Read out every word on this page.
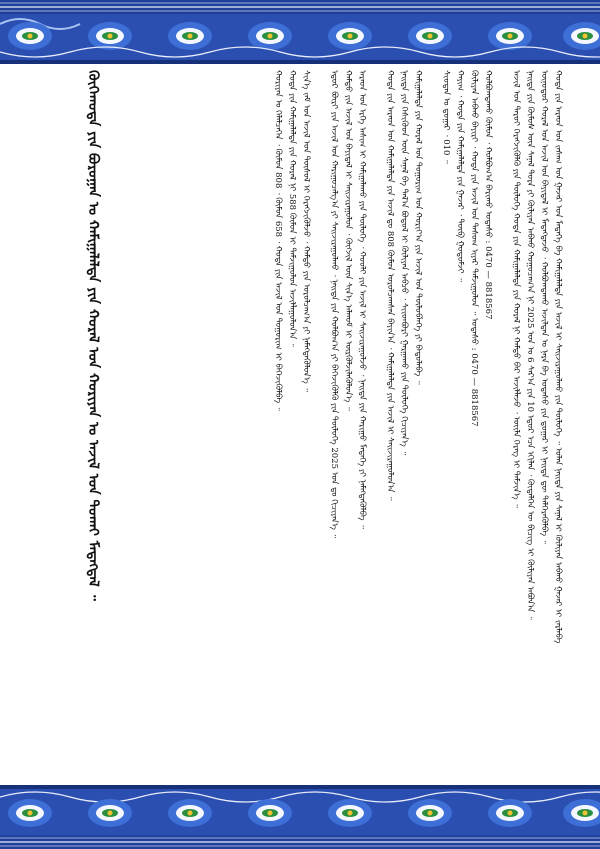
ᠬᠣᠲᠠ ᠶᠢᠨ ᠠᠷᠠᠳ ᠤᠨ ᠵᠠᠰᠠᠭ ᠤᠨ ᠭᠠᠵᠠᠷ ᠤᠨ ᠮᠡᠳᠡᠭᠡ ᠪᠠ ᠬᠠᠮᠢᠭᠠᠯᠠᠯᠲᠠ ᠶᠢᠨ ᠠᠵᠢᠯ ᠢ ᠰᠠᠢᠵᠢᠷᠠᠭᠤᠯᠬᠤ ᠶᠢᠨ ᠲᠥᠯᠥᠭᠡ ᠃ ᠣᠯᠠᠨ ᠨᠡᠢᠲᠡ ᠶᠢᠨ ᠰᠠᠨᠠᠯ ᠢ ᠬᠦᠯᠢᠶᠡᠨ ᠠᠪᠬᠤ ᠭᠠᠵᠠᠷ ᠢ ᠵᠠᠷᠯᠠᠪᠠ
ᠥᠨᠥᠳᠦᠷ ᠬᠤᠷᠠᠯ ᠤᠨ ᠠᠵᠢᠯ ᠤᠨ ᠪᠠᠶᠢᠳᠠᠯ ᠢ ᠮᠡᠳᠡᠭᠳᠡᠵᠦ ᠂ ᠬᠣᠯᠪᠣᠭᠳᠠᠬᠤ ᠠᠵᠢᠯᠲᠠᠨ ᠤ ᠨᠡᠷᠡ ᠪᠠ ᠤᠲᠠᠰᠤ ᠶᠢᠨ ᠳ᠋ᠤᠭᠠᠷ ᠢ ᠨᠡᠢᠲᠡ ᠳᠦ ᠳᠡᠯᠭᠡᠷᠡᠭᠦᠯᠪᠡ ᠃
ᠨᠡᠢᠲᠡ ᠶᠢᠨ ᠬᠦᠮᠦᠰ ᠦᠨ ᠰᠠᠨᠠᠯ ᠳᠤᠷᠠ ᠶᠢ ᠬᠦᠯᠢᠶᠡᠨ ᠠᠪᠬᠤ ᠬᠤᠭᠤᠴᠠᠭ᠎ᠠ ᠨᠢ 2025 ᠣᠨ ᠤ 6 ᠰᠠᠷ᠎ᠠ ᠶᠢᠨ 10 ᠡᠳᠦᠷ ᠡᠴᠡ ᠡᠬᠢᠯᠡᠨ ᠂ ᠬᠥᠳᠡᠯᠭᠡᠨ ᠦ ᠪᠢᠴᠢᠭ ᠢ ᠬᠦᠯᠢᠶᠡᠨ ᠠᠪᠤᠨ᠎ᠠ ᠃
ᠠᠵᠢᠯ ᠤᠨ ᠳᠠᠷᠤᠢ ᠬᠡᠷᠡᠭᠵᠢᠭᠦᠯᠬᠦ ᠶᠢᠨ ᠲᠥᠯᠥᠭᠡ ᠬᠣᠲᠠ ᠶᠢᠨ ᠬᠠᠮᠢᠭᠠᠯᠠᠯᠲᠠ ᠶᠢᠨ ᠬᠤᠷᠠᠯ ᠨᠢ ᠬᠠᠮᠲᠤ ᠪᠡᠷ ᠠᠵᠢᠯᠯᠠᠵᠤ ᠂ ᠦᠢᠯᠡ ᠬᠡᠷᠡᠭ ᠢ ᠳᠡᠮᠵᠢᠨ᠎ᠡ ᠃
ᠬᠣᠯᠪᠣᠭᠳᠠᠬᠤ ᠬᠦᠮᠦᠨ ᠂ ᠬᠣᠯᠪᠣᠭ᠎ᠠ ᠪᠠᠷᠢᠬᠤ ᠤᠲᠠᠰᠤ : 0470 — 8818567
ᠬᠦᠯᠢᠶᠡᠨ ᠠᠪᠬᠤ ᠪᠠᠶᠢᠷᠢ ᠂ ᠬᠣᠲᠠ ᠶᠢᠨ ᠠᠵᠢᠯ ᠤᠨ ᠲᠠᠰᠤᠭ ᠢᠶᠠᠷ ᠳᠠᠮᠵᠢᠭᠤᠯᠤᠨ ᠃ ᠤᠲᠠᠰᠤ : 0470 — 8818567
ᠬᠠᠶᠢᠭ ᠂ ᠬᠣᠲᠠ ᠶᠢᠨ ᠬᠠᠮᠢᠭᠠᠯᠠᠯᠲᠠ ᠶᠢᠨ ᠭᠠᠵᠠᠷ ᠂ ᠲᠥᠪ ᠭᠤᠳᠤᠮᠵᠢ ᠃
ᠰᠢᠤᠳᠠᠨ ᠤ ᠳ᠋ᠤᠭᠠᠷ ᠂ 010 ᠃
ᠬᠠᠮᠢᠭᠠᠯᠠᠯᠲᠠ ᠶᠢᠨ ᠬᠤᠷᠠᠯ ᠤᠨ ᠲᠤᠭᠤᠷᠢᠭ ᠤᠨ ᠬᠣᠷᠢᠶ᠎ᠠ ᠶᠢᠨ ᠠᠵᠢᠯ ᠤᠨ ᠲᠥᠯᠥᠪᠯᠡᠭᠡ ᠶᠢ ᠪᠠᠲᠤᠯᠠᠪᠠ ᠃
ᠨᠡᠢᠲᠡ ᠶᠢᠨ ᠭᠡᠰᠢᠭᠦᠳ ᠦᠨ ᠰᠠᠨᠠᠯ ᠪᠠ ᠲᠠᠯ᠎ᠠ ᠪᠣᠳᠤᠯ ᠢ ᠬᠦᠯᠢᠶᠡᠨ ᠠᠪᠴᠤ ᠂ ᠰᠢᠢᠳᠪᠦᠷᠢ ᠭᠠᠷᠭᠠᠬᠤ ᠶᠢᠨ ᠲᠥᠯᠥᠭᠡ ᠬᠢᠴᠢᠶᠡᠨ᠎ᠡ ᠃
ᠬᠣᠲᠠ ᠶᠢᠨ ᠠᠷᠠᠳ ᠤᠨ ᠬᠠᠮᠢᠭᠠᠯᠠᠯᠲᠠ ᠶᠢᠨ ᠠᠵᠢᠯ ᠳᠤ 808 ᠬᠦᠮᠦᠨ ᠣᠷᠣᠯᠴᠠᠭᠰᠠᠨ ᠪᠠᠶᠢᠨ᠎ᠠ ᠂ ᠬᠠᠮᠢᠭᠠᠯᠠᠯᠲᠠ ᠶᠢᠨ ᠠᠵᠢᠯ ᠢ ᠰᠠᠢᠵᠢᠷᠠᠭᠤᠯᠤᠨ᠎ᠠ ᠃
ᠠᠷᠠᠳ ᠤᠨ ᠡᠷᠬᠡ ᠠᠰᠢᠭ ᠢ ᠬᠠᠮᠢᠭᠠᠯᠠᠬᠤ ᠶᠢᠨ ᠲᠥᠯᠥᠭᠡ ᠂ ᠬᠤᠤᠯᠢ ᠶᠢᠨ ᠠᠵᠢᠯ ᠢ ᠰᠠᠢᠵᠢᠷᠠᠭᠤᠯᠵᠤ ᠂ ᠨᠡᠢᠲᠡ ᠶᠢᠨ ᠬᠠᠷᠢᠭᠤ ᠮᠡᠳᠡᠭᠡ ᠶᠢ ᠨᠡᠮᠡᠭᠳᠡᠭᠦᠯᠪᠡ ᠃
ᠬᠠᠮᠲᠤ ᠶᠢᠨ ᠠᠵᠢᠯ ᠤᠨ ᠪᠠᠶᠢᠳᠠᠯ ᠢ ᠰᠠᠢᠵᠢᠷᠠᠭᠤᠯᠤᠨ ᠂ ᠬᠥᠭᠵᠢᠯ ᠦᠨ ᠰᠢᠨ᠎ᠡ ᠠᠯᠬᠤᠮ ᠢ ᠦᠷᠭᠦᠯᠵᠢᠯᠡᠭᠦᠯᠦᠨ᠎ᠡ ᠃
ᠡᠳᠦᠷ ᠪᠦᠷᠢ ᠶᠢᠨ ᠠᠵᠢᠯ ᠤᠨ ᠬᠠᠷᠢᠭᠤᠴᠠᠯᠭ᠎ᠠ ᠶᠢ ᠰᠠᠢᠵᠢᠷᠠᠭᠤᠯᠬᠤ ᠂ ᠨᠡᠢᠲᠡ ᠶᠢᠨ ᠬᠣᠯᠪᠣᠭ᠎ᠠ ᠶᠢ ᠪᠡᠬᠡᠵᠢᠭᠦᠯᠬᠦ ᠶᠢᠨ ᠲᠥᠯᠥᠭᠡ 2025 ᠣᠨ ᠳᠤ ᠬᠢᠴᠢᠶᠡᠨ᠎ᠡ ᠃
ᠰᠢᠨ᠎ᠡ ᠵᠠᠮ ᠤᠨ ᠠᠵᠢᠯ ᠤᠨ ᠲᠥᠰᠥᠯ ᠢ ᠬᠡᠷᠡᠭᠵᠢᠭᠦᠯᠵᠦ ᠂ ᠬᠠᠮᠲᠤ ᠶᠢᠨ ᠣᠷᠣᠯᠴᠠᠭ᠎ᠠ ᠶᠢ ᠨᠡᠮᠡᠭᠳᠡᠭᠦᠯᠦᠨ᠎ᠡ ᠃
ᠬᠣᠲᠠ ᠶᠢᠨ ᠬᠠᠮᠢᠭᠠᠯᠠᠯᠲᠠ ᠶᠢᠨ ᠬᠤᠷᠠᠯ ᠨᠢ 588 ᠬᠦᠮᠦᠨ ᠢ ᠳᠠᠮᠵᠢᠭᠤᠯᠤᠨ ᠠᠵᠢᠯᠯᠠᠭᠤᠯᠤᠨ᠎ᠠ ᠃
ᠬᠣᠷᠢᠶᠠᠨ ᠤ ᠬᠡᠯᠡᠯᠴᠡᠭᠡᠨ ᠂ ᠬᠦᠮᠦᠨ 808 ᠂ ᠬᠦᠮᠦᠨ 658 ᠂ ᠬᠣᠲᠠ ᠶᠢᠨ ᠠᠵᠢᠯ ᠤᠨ ᠲᠤᠭᠤᠷᠢᠭ ᠢ ᠪᠡᠬᠡᠵᠢᠭᠦᠯᠪᠡ ᠃
ᠬᠥᠬᠡᠬᠣᠲᠠ ᠶᠢᠨ ᠪᠤᠷᠣᠭᠠᠨ ᠤ ᠬᠠᠮᠢᠭᠠᠯᠠᠯᠲᠠ ᠶᠢᠨ ᠬᠤᠷᠠᠯ ᠤᠨ ᠬᠣᠷᠢᠶᠠᠨ ᠤ ᠠᠵᠢᠯ ᠤᠨ ᠲᠤᠬᠠᠢ ᠮᠡᠳᠡᠭᠳᠡᠯ ᠃
